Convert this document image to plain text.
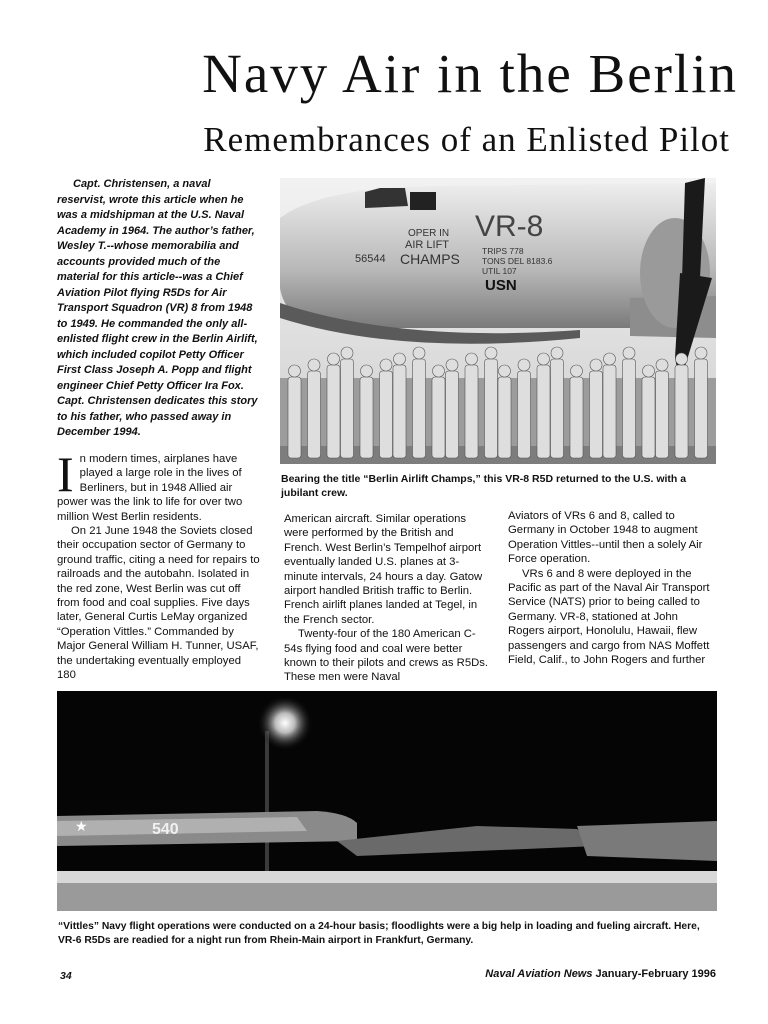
Navy Air in the Berlin
Remembrances of an Enlisted Pilot

Capt. Christensen, a naval reservist, wrote this article when he was a midshipman at the U.S. Naval Academy in 1964. The author’s father, Wesley T.--whose memorabilia and accounts provided much of the material for this article--was a Chief Aviation Pilot flying R5Ds for Air Transport Squadron (VR) 8 from 1948 to 1949. He commanded the only all-enlisted flight crew in the Berlin Airlift, which included copilot Petty Officer First Class Joseph A. Popp and flight engineer Chief Petty Officer Ira Fox. Capt. Christensen dedicates this story to his father, who passed away in December 1994.

OPER IN
AIR LIFT
56544 CHAMPS
VR-8
TRIPS 778
TONS DEL 8183.6
UTIL 107
USN

Bearing the title “Berlin Airlift Champs,” this VR-8 R5D returned to the U.S. with a jubilant crew.

In modern times, airplanes have played a large role in the lives of Berliners, but in 1948 Allied air power was the link to life for over two million West Berlin residents.

On 21 June 1948 the Soviets closed their occupation sector of Germany to ground traffic, citing a need for repairs to railroads and the autobahn. Isolated in the red zone, West Berlin was cut off from food and coal supplies. Five days later, General Curtis LeMay organized “Operation Vittles.” Commanded by Major General William H. Tunner, USAF, the undertaking eventually employed 180

American aircraft. Similar operations were performed by the British and French. West Berlin’s Tempelhof airport eventually landed U.S. planes at 3-minute intervals, 24 hours a day. Gatow airport handled British traffic to Berlin. French airlift planes landed at Tegel, in the French sector.

Twenty-four of the 180 American C-54s flying food and coal were better known to their pilots and crews as R5Ds. These men were Naval

Aviators of VRs 6 and 8, called to Germany in October 1948 to augment Operation Vittles--until then a solely Air Force operation.

VRs 6 and 8 were deployed in the Pacific as part of the Naval Air Transport Service (NATS) prior to being called to Germany. VR-8, stationed at John Rogers airport, Honolulu, Hawaii, flew passengers and cargo from NAS Moffett Field, Calif., to John Rogers and further

★	540

“Vittles” Navy flight operations were conducted on a 24-hour basis; floodlights were a big help in loading and fueling aircraft. Here, VR-6 R5Ds are readied for a night run from Rhein-Main airport in Frankfurt, Germany.

34	Naval Aviation News January-February 1996
